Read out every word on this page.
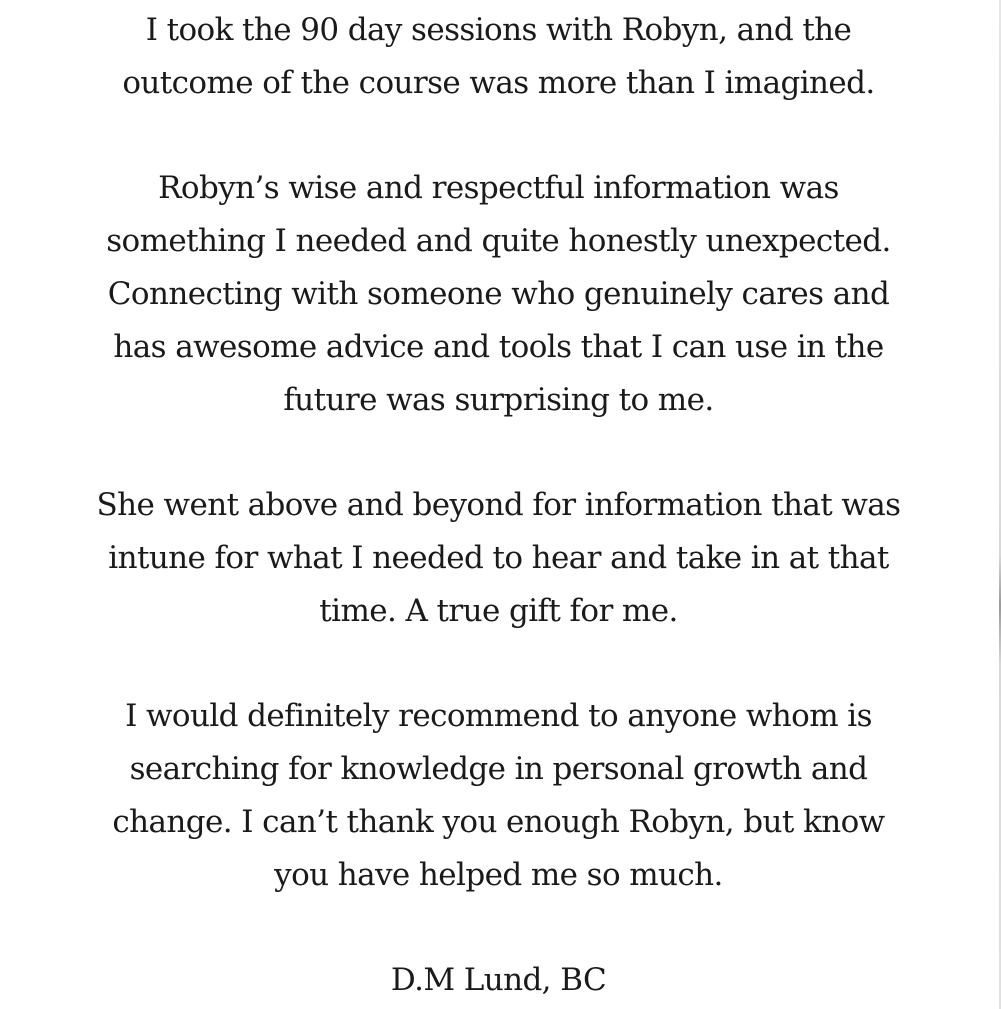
I took the 90 day sessions with Robyn, and the
outcome of the course was more than I imagined.

Robyn’s wise and respectful information was
something I needed and quite honestly unexpected.
Connecting with someone who genuinely cares and
has awesome advice and tools that I can use in the
future was surprising to me.

She went above and beyond for information that was
intune for what I needed to hear and take in at that
time. A true gift for me.

I would definitely recommend to anyone whom is
searching for knowledge in personal growth and
change. I can’t thank you enough Robyn, but know
you have helped me so much.

D.M Lund, BC
